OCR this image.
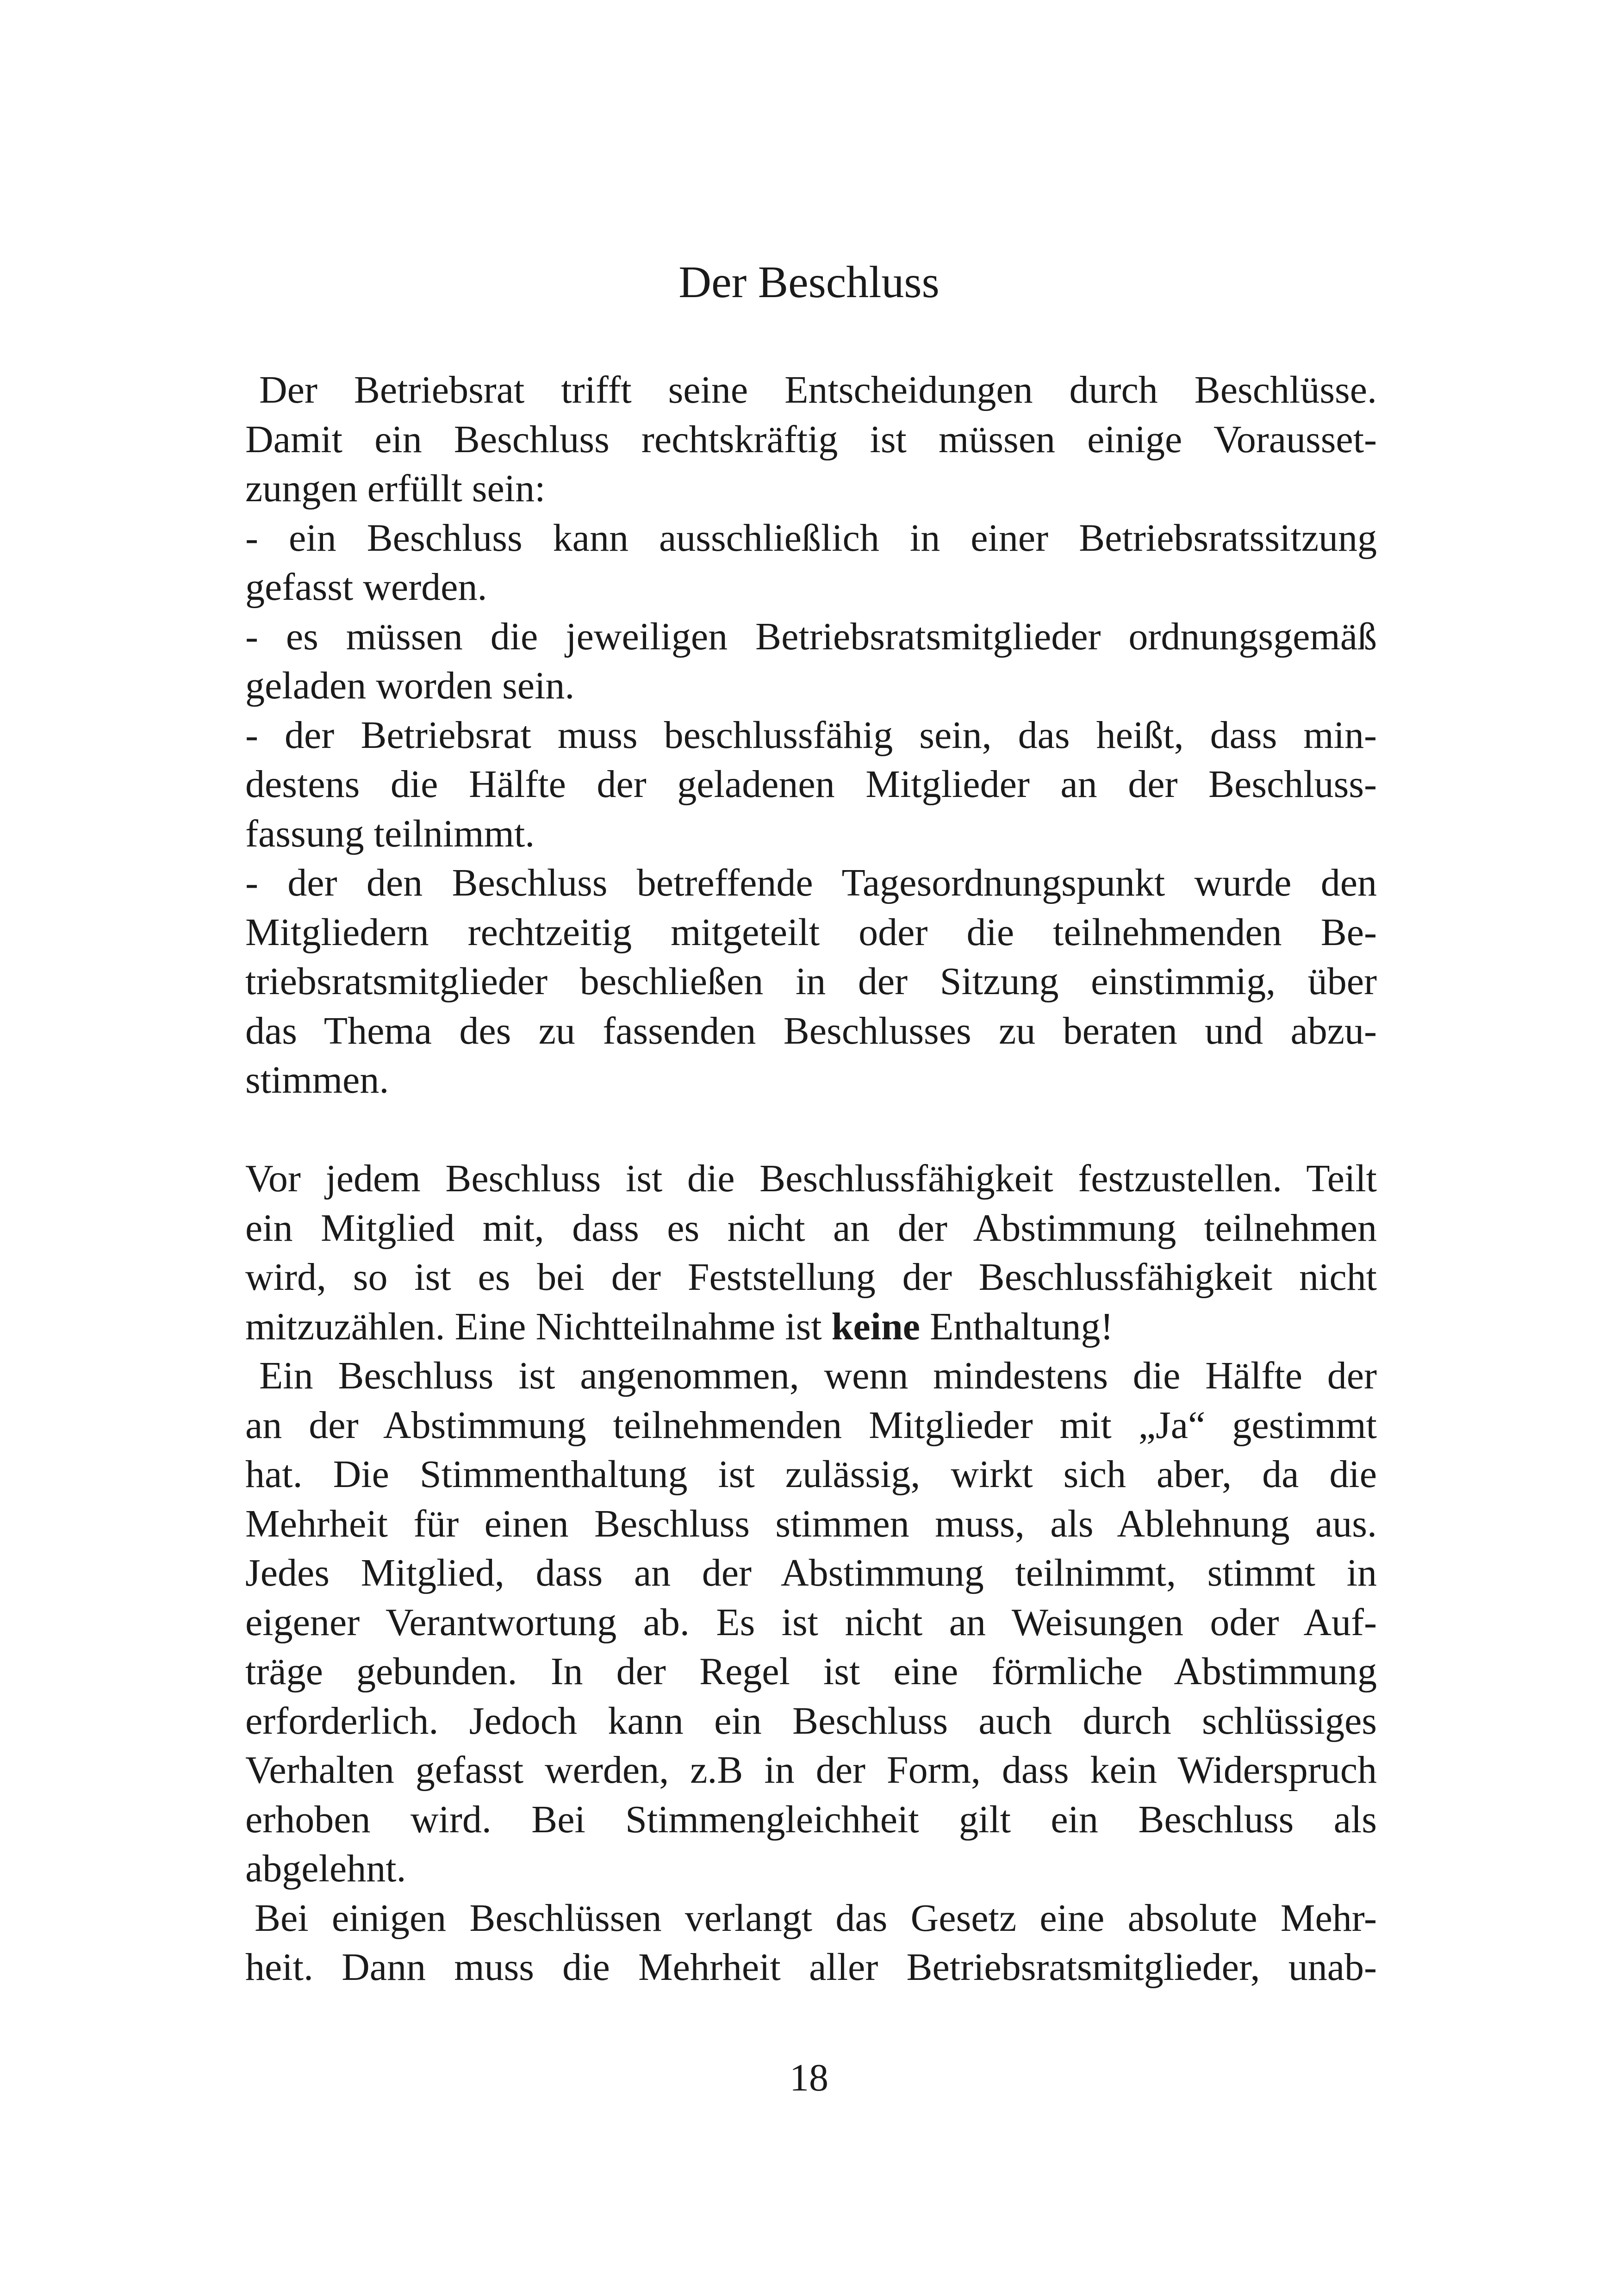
Der Beschluss
Der Betriebsrat trifft seine Entscheidungen durch Beschlüsse.
Damit ein Beschluss rechtskräftig ist müssen einige Vorausset-
zungen erfüllt sein:
- ein Beschluss kann ausschließlich in einer Betriebsratssitzung
gefasst werden.
- es müssen die jeweiligen Betriebsratsmitglieder ordnungsgemäß
geladen worden sein.
- der Betriebsrat muss beschlussfähig sein, das heißt, dass min-
destens die Hälfte der geladenen Mitglieder an der Beschluss-
fassung teilnimmt.
- der den Beschluss betreffende Tagesordnungspunkt wurde den
Mitgliedern rechtzeitig mitgeteilt oder die teilnehmenden Be-
triebsratsmitglieder beschließen in der Sitzung einstimmig, über
das Thema des zu fassenden Beschlusses zu beraten und abzu-
stimmen.
Vor jedem Beschluss ist die Beschlussfähigkeit festzustellen. Teilt
ein Mitglied mit, dass es nicht an der Abstimmung teilnehmen
wird, so ist es bei der Feststellung der Beschlussfähigkeit nicht
mitzuzählen. Eine Nichtteilnahme ist keine Enthaltung!
Ein Beschluss ist angenommen, wenn mindestens die Hälfte der
an der Abstimmung teilnehmenden Mitglieder mit „Ja“ gestimmt
hat. Die Stimmenthaltung ist zulässig, wirkt sich aber, da die
Mehrheit für einen Beschluss stimmen muss, als Ablehnung aus.
Jedes Mitglied, dass an der Abstimmung teilnimmt, stimmt in
eigener Verantwortung ab. Es ist nicht an Weisungen oder Auf-
träge gebunden. In der Regel ist eine förmliche Abstimmung
erforderlich. Jedoch kann ein Beschluss auch durch schlüssiges
Verhalten gefasst werden, z.B in der Form, dass kein Widerspruch
erhoben wird. Bei Stimmengleichheit gilt ein Beschluss als
abgelehnt.
Bei einigen Beschlüssen verlangt das Gesetz eine absolute Mehr-
heit. Dann muss die Mehrheit aller Betriebsratsmitglieder, unab-
18
